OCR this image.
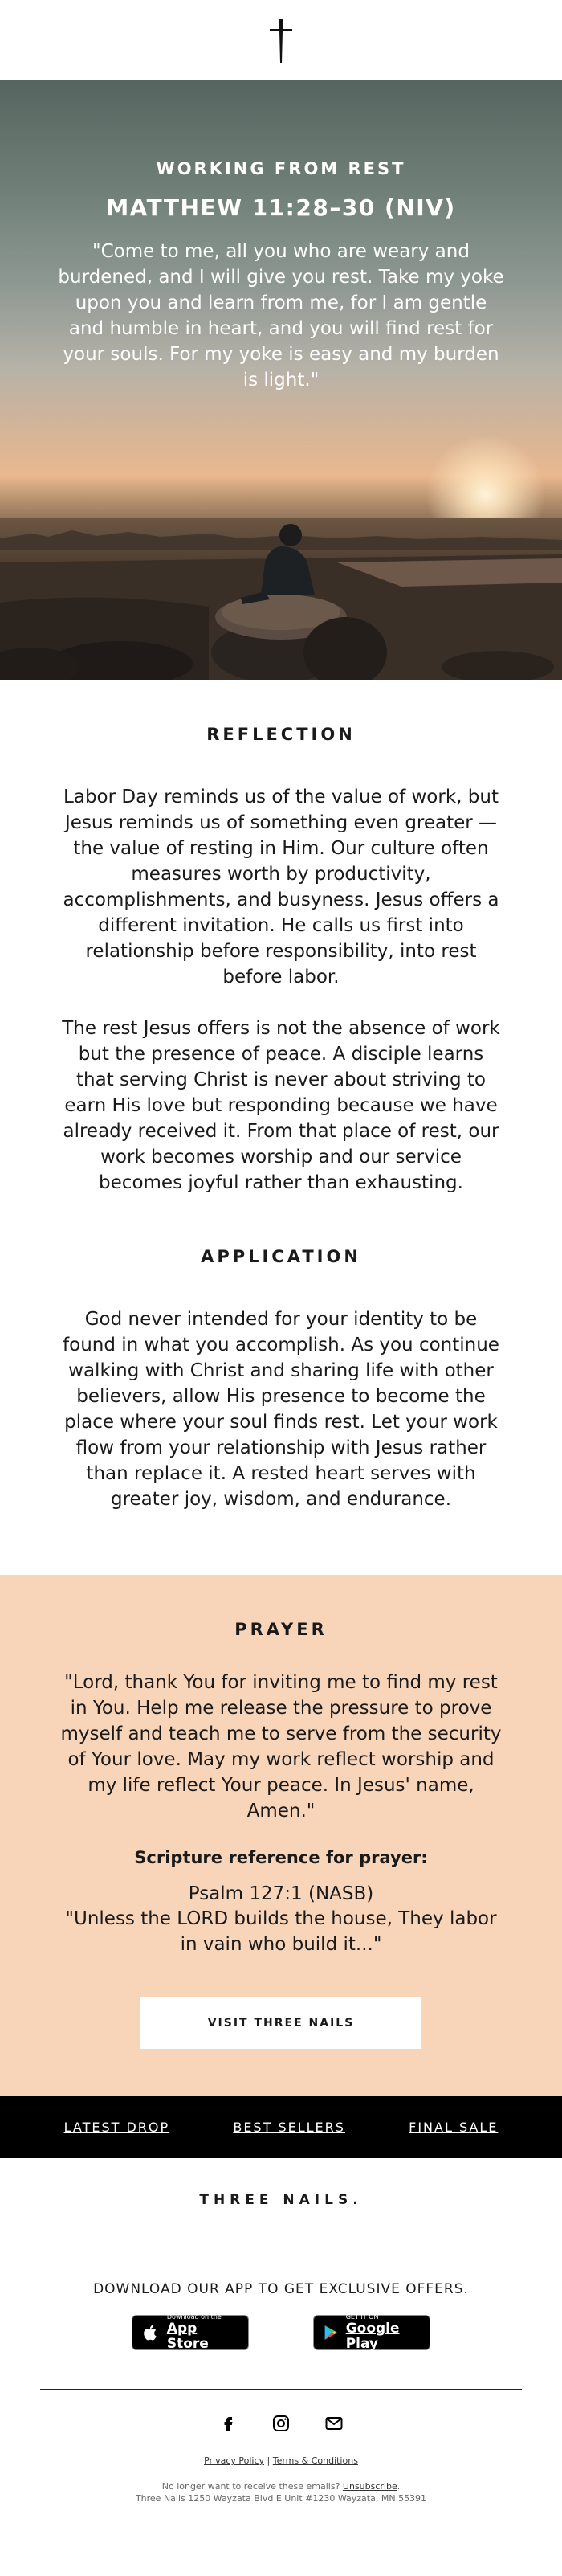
WORKING FROM REST
MATTHEW 11:28–30 (NIV)
"Come to me, all you who are weary and burdened, and I will give you rest. Take my yoke upon you and learn from me, for I am gentle and humble in heart, and you will find rest for your souls. For my yoke is easy and my burden is light."
REFLECTION

Labor Day reminds us of the value of work, but Jesus reminds us of something even greater — the value of resting in Him. Our culture often measures worth by productivity, accomplishments, and busyness. Jesus offers a different invitation. He calls us first into relationship before responsibility, into rest before labor.

The rest Jesus offers is not the absence of work but the presence of peace. A disciple learns that serving Christ is never about striving to earn His love but responding because we have already received it. From that place of rest, our work becomes worship and our service becomes joyful rather than exhausting.

APPLICATION

God never intended for your identity to be found in what you accomplish. As you continue walking with Christ and sharing life with other believers, allow His presence to become the place where your soul finds rest. Let your work flow from your relationship with Jesus rather than replace it. A rested heart serves with greater joy, wisdom, and endurance.

PRAYER

"Lord, thank You for inviting me to find my rest in You. Help me release the pressure to prove myself and teach me to serve from the security of Your love. May my work reflect worship and my life reflect Your peace. In Jesus' name, Amen."

Scripture reference for prayer:
Psalm 127:1 (NASB)
"Unless the LORD builds the house, They labor in vain who build it..."
VISIT THREE NAILS
LATEST DROP	BEST SELLERS	FINAL SALE
THREE NAILS.
DOWNLOAD OUR APP TO GET EXCLUSIVE OFFERS.
Download on the
App Store
GET IT ON
Google Play
Privacy Policy | Terms & Conditions
No longer want to receive these emails? Unsubscribe.
Three Nails 1250 Wayzata Blvd E Unit #1230 Wayzata, MN 55391
